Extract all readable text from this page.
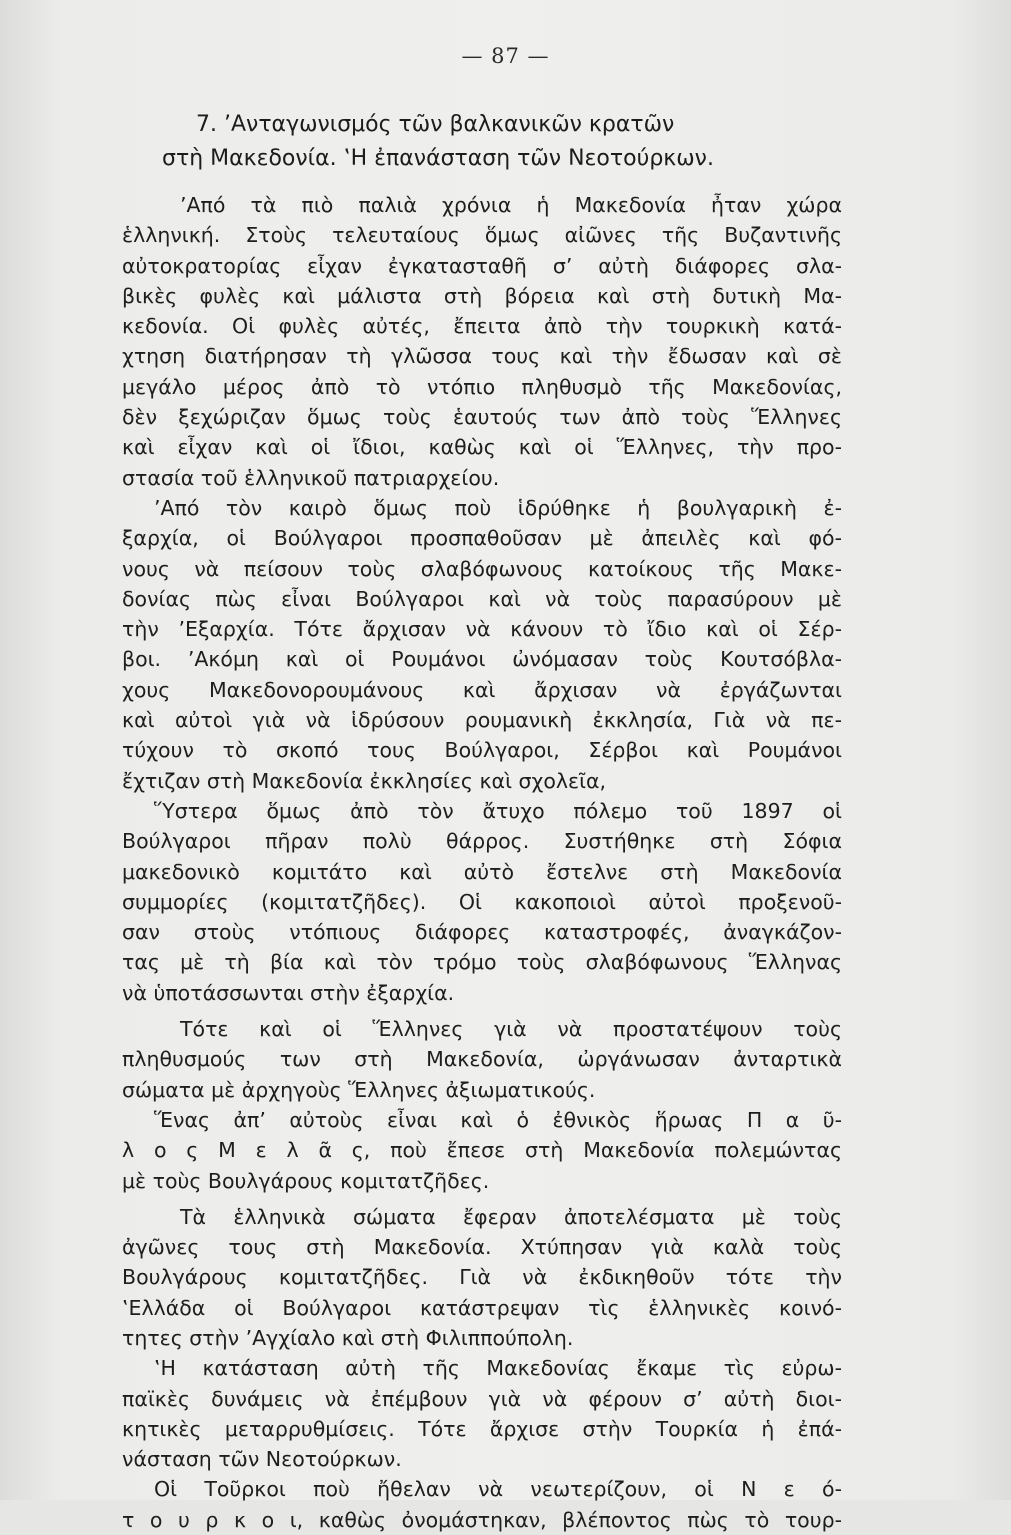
— 87 —
7. ’Ανταγωνισμός τῶν βαλκανικῶν κρατῶν
στὴ Μακεδονία. ‛Η ἐπανάσταση τῶν Νεοτούρκων.
’Από τὰ πιὸ παλιὰ χρόνια ἡ Μακεδονία ἦταν χώρα
ἑλληνική. Στοὺς τελευταίους ὅμως αἰῶνες τῆς Βυζαντινῆς
αὐτοκρατορίας εἶχαν ἐγκατασταθῆ σ’ αὐτὴ διάφορες σλα-
βικὲς φυλὲς καὶ μάλιστα στὴ βόρεια καὶ στὴ δυτικὴ Μα-
κεδονία. Οἱ φυλὲς αὐτές, ἔπειτα ἀπὸ τὴν τουρκικὴ κατά-
χτηση διατήρησαν τὴ γλῶσσα τους καὶ τὴν ἔδωσαν καὶ σὲ
μεγάλο μέρος ἀπὸ τὸ ντόπιο πληθυσμὸ τῆς Μακεδονίας,
δὲν ξεχώριζαν ὅμως τοὺς ἑαυτούς των ἀπὸ τοὺς Ἕλληνες
καὶ εἶχαν καὶ οἱ ἴδιοι, καθὼς καὶ οἱ Ἕλληνες, τὴν προ-
στασία τοῦ ἑλληνικοῦ πατριαρχείου.
’Από τὸν καιρὸ ὅμως ποὺ ἱδρύθηκε ἡ βουλγαρικὴ ἐ-
ξαρχία, οἱ Βούλγαροι προσπαθοῦσαν μὲ ἀπειλὲς καὶ φό-
νους νὰ πείσουν τοὺς σλαβόφωνους κατοίκους τῆς Μακε-
δονίας πὼς εἶναι Βούλγαροι καὶ νὰ τοὺς παρασύρουν μὲ
τὴν ’Εξαρχία. Τότε ἄρχισαν νὰ κάνουν τὸ ἴδιο καὶ οἱ Σέρ-
βοι. ’Ακόμη καὶ οἱ Ρουμάνοι ὠνόμασαν τοὺς Κουτσόβλα-
χους Μακεδονορουμάνους καὶ ἄρχισαν νὰ ἐργάζωνται
καὶ αὐτοὶ γιὰ νὰ ἱδρύσουν ρουμανικὴ ἐκκλησία, Γιὰ νὰ πε-
τύχουν τὸ σκοπό τους Βούλγαροι, Σέρβοι καὶ Ρουμάνοι
ἔχτιζαν στὴ Μακεδονία ἐκκλησίες καὶ σχολεῖα,
Ὕστερα ὅμως ἀπὸ τὸν ἄτυχο πόλεμο τοῦ 1897 οἱ
Βούλγαροι πῆραν πολὺ θάρρος. Συστήθηκε στὴ Σόφια
μακεδονικὸ κομιτάτο καὶ αὐτὸ ἔστελνε στὴ Μακεδονία
συμμορίες (κομιτατζῆδες). Οἱ κακοποιοὶ αὐτοὶ προξενοῦ-
σαν στοὺς ντόπιους διάφορες καταστροφές, ἀναγκάζον-
τας μὲ τὴ βία καὶ τὸν τρόμο τοὺς σλαβόφωνους Ἕλληνας
νὰ ὑποτάσσωνται στὴν ἐξαρχία.
Τότε καὶ οἱ Ἕλληνες γιὰ νὰ προστατέψουν τοὺς
πληθυσμούς των στὴ Μακεδονία, ὠργάνωσαν ἀνταρτικὰ
σώματα μὲ ἀρχηγοὺς Ἕλληνες ἀξιωματικούς.
Ἕνας ἀπ’ αὐτοὺς εἶναι καὶ ὁ ἐθνικὸς ἥρωας Π α ῦ-
λ ο ς Μ ε λ ᾶ ς, ποὺ ἔπεσε στὴ Μακεδονία πολεμώντας
μὲ τοὺς Βουλγάρους κομιτατζῆδες.
Τὰ ἑλληνικὰ σώματα ἔφεραν ἀποτελέσματα μὲ τοὺς
ἀγῶνες τους στὴ Μακεδονία. Χτύπησαν γιὰ καλὰ τοὺς
Βουλγάρους κομιτατζῆδες. Γιὰ νὰ ἐκδικηθοῦν τότε τὴν
‛Ελλάδα οἱ Βούλγαροι κατάστρεψαν τὶς ἑλληνικὲς κοινό-
τητες στὴν ’Αγχίαλο καὶ στὴ Φιλιππούπολη.
‛Η κατάσταση αὐτὴ τῆς Μακεδονίας ἔκαμε τὶς εὐρω-
παϊκὲς δυνάμεις νὰ ἐπέμβουν γιὰ νὰ φέρουν σ’ αὐτὴ διοι-
κητικὲς μεταρρυθμίσεις. Τότε ἄρχισε στὴν Τουρκία ἡ ἐπά-
νάσταση τῶν Νεοτούρκων.
Οἱ Τοῦρκοι ποὺ ἤθελαν νὰ νεωτερίζουν, οἱ Ν ε ό-
τ ο υ ρ κ ο ι, καθὼς ὀνομάστηκαν, βλέποντος πὼς τὸ τουρ-
